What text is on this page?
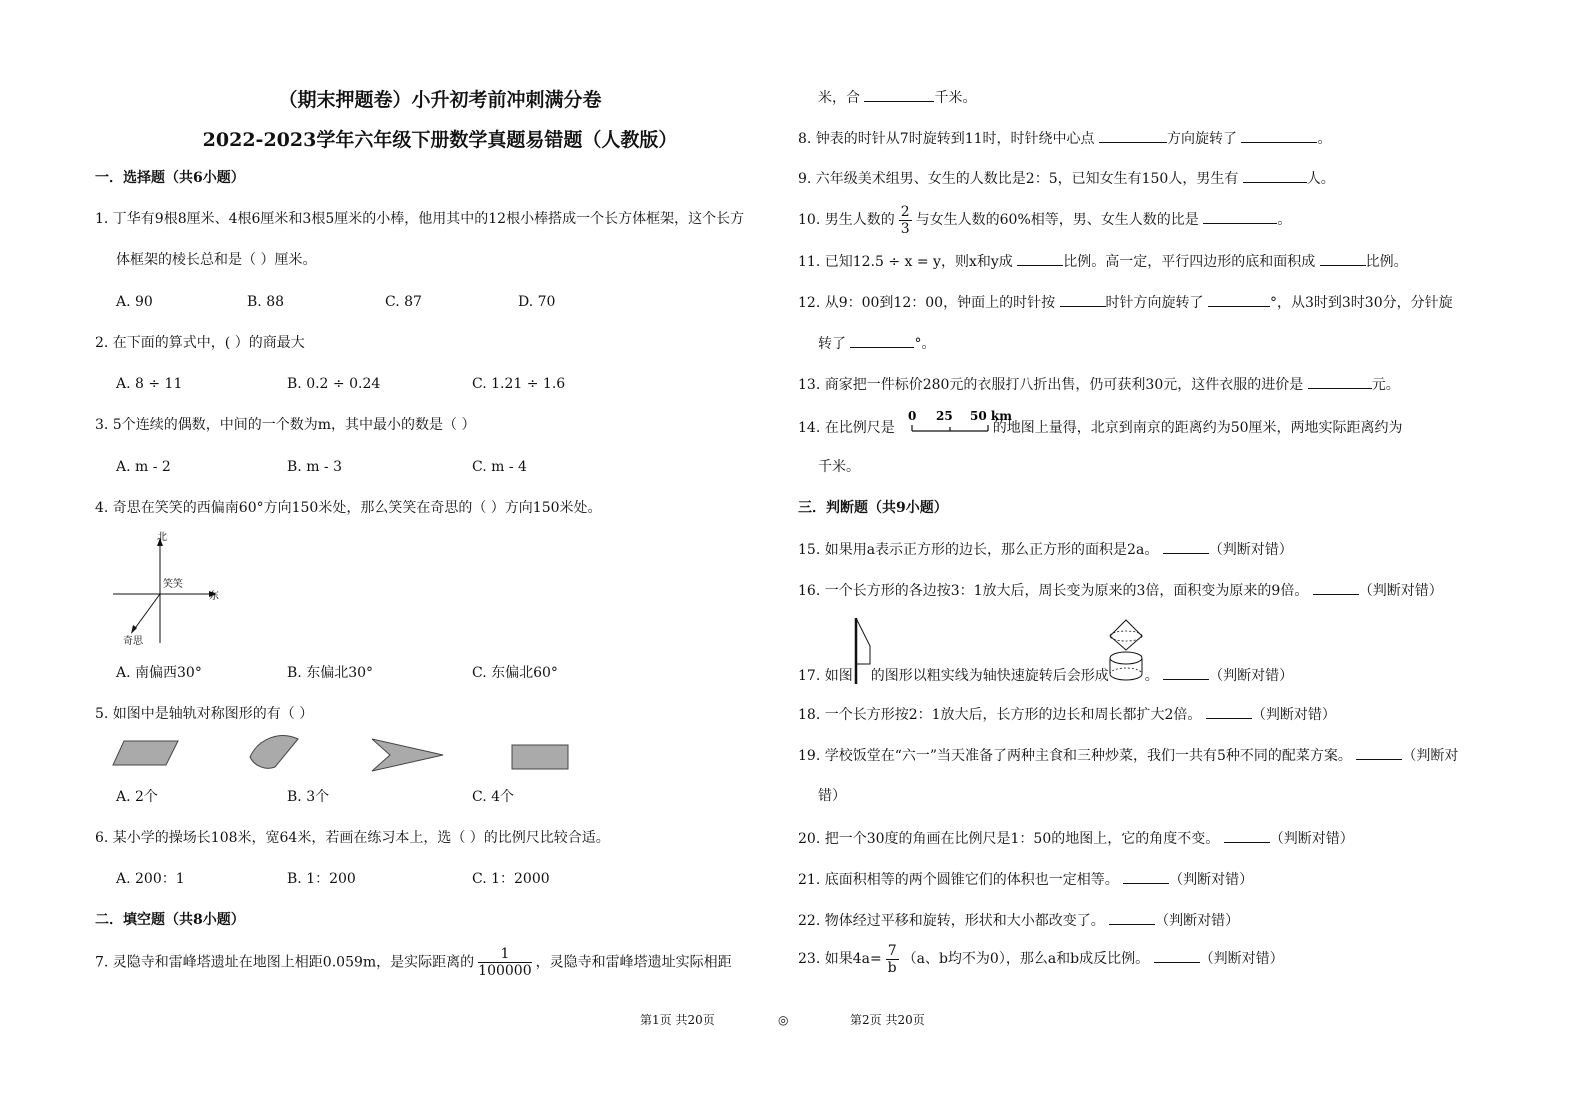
（期末押题卷）小升初考前冲刺满分卷
2022-2023学年六年级下册数学真题易错题（人教版）
一．选择题（共6小题）
1. 丁华有9根8厘米、4根6厘米和3根5厘米的小棒，他用其中的12根小棒搭成一个长方体框架，这个长方
体框架的棱长总和是（ ）厘米。
A. 90	B. 88	C. 87	D. 70
2. 在下面的算式中，( ）的商最大
A. 8 ÷ 11	B. 0.2 ÷ 0.24	C. 1.21 ÷ 1.6
3. 5个连续的偶数，中间的一个数为m，其中最小的数是（ ）
A. m - 2	B. m - 3	C. m - 4
4. 奇思在笑笑的西偏南60°方向150米处，那么笑笑在奇思的（ ）方向150米处。
北
东
笑笑
奇思
A. 南偏西30°	B. 东偏北30°	C. 东偏北60°
5. 如图中是轴轨对称图形的有（ ）
A. 2个	B. 3个	C. 4个
6. 某小学的操场长108米，宽64米，若画在练习本上，选（ ）的比例尺比较合适。
A. 200：1	B. 1：200	C. 1：2000
二．填空题（共8小题）
7. 灵隐寺和雷峰塔遗址在地图上相距0.059m，是实际距离的 $\frac{1}{100000}$ ，灵隐寺和雷峰塔遗址实际相距
米，合	千米。
8. 钟表的时针从7时旋转到11时，时针绕中心点	方向旋转了	。
9. 六年级美术组男、女生的人数比是2：5，已知女生有150人，男生有	人。
10. 男生人数的 $\frac{2}{3}$ 与女生人数的60%相等，男、女生人数的比是	。
11. 已知12.5 ÷ x = y，则x和y成	比例。高一定，平行四边形的底和面积成	比例。
12. 从9：00到12：00，钟面上的时针按	时针方向旋转了	°，从3时到3时30分，分针旋
转了	°。
13. 商家把一件标价280元的衣服打八折出售，仍可获利30元，这件衣服的进价是	元。
14. 在比例尺是	的地图上量得，北京到南京的距离约为50厘米，两地实际距离约为
0 25 50 km
千米。
三．判断题（共9小题）
15. 如果用a表示正方形的边长，那么正方形的面积是2a。	（判断对错）
16. 一个长方形的各边按3：1放大后，周长变为原来的3倍，面积变为原来的9倍。	（判断对错）
17. 如图 的图形以粗实线为轴快速旋转后会形成	。	（判断对错）
18. 一个长方形按2：1放大后，长方形的边长和周长都扩大2倍。	（判断对错）
19. 学校饭堂在“六一”当天准备了两种主食和三种炒菜，我们一共有5种不同的配菜方案。	（判断对
错）
20. 把一个30度的角画在比例尺是1：50的地图上，它的角度不变。	（判断对错）
21. 底面积相等的两个圆锥它们的体积也一定相等。	（判断对错）
22. 物体经过平移和旋转，形状和大小都改变了。	（判断对错）
23. 如果$4a= \frac{7}{b} (a$、b均不为0），那么a和b成反比例。	（判断对错）
第1页 共20页	◎	第2页 共20页
